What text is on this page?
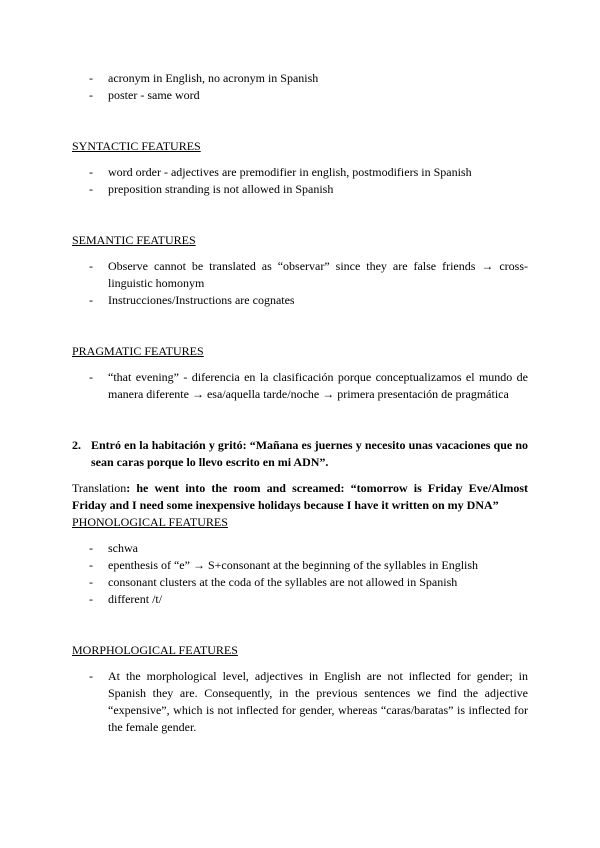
- acronym in English, no acronym in Spanish
- poster - same word

SYNTACTIC FEATURES

- word order - adjectives are premodifier in english, postmodifiers in Spanish
- preposition stranding is not allowed in Spanish

SEMANTIC FEATURES

- Observe cannot be translated as “observar” since they are false friends → cross-linguistic homonym
- Instrucciones/Instructions are cognates

PRAGMATIC FEATURES

- “that evening” - diferencia en la clasificación porque conceptualizamos el mundo de manera diferente → esa/aquella tarde/noche → primera presentación de pragmática
2. Entró en la habitación y gritó: “Mañana es juernes y necesito unas vacaciones que no sean caras porque lo llevo escrito en mi ADN”.

Translation: he went into the room and screamed: “tomorrow is Friday Eve/Almost Friday and I need some inexpensive holidays because I have it written on my DNA”

PHONOLOGICAL FEATURES

- schwa
- epenthesis of “e” → S+consonant at the beginning of the syllables in English
- consonant clusters at the coda of the syllables are not allowed in Spanish
- different /t/

MORPHOLOGICAL FEATURES

- At the morphological level, adjectives in English are not inflected for gender; in Spanish they are. Consequently, in the previous sentences we find the adjective “expensive”, which is not inflected for gender, whereas “caras/baratas” is inflected for the female gender.
